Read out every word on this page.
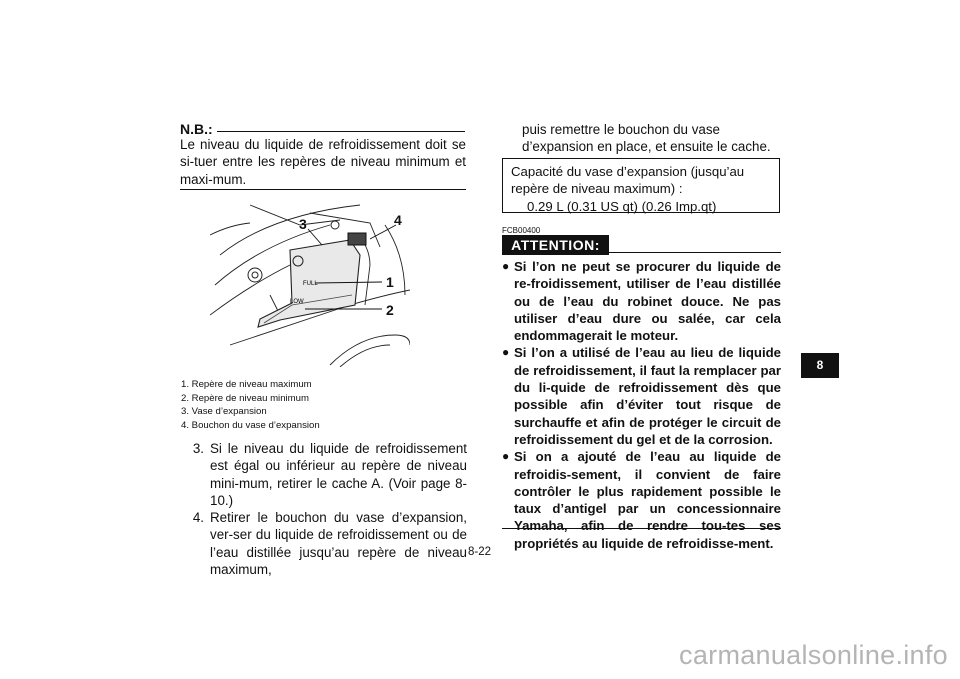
N.B.:
Le niveau du liquide de refroidissement doit se si-tuer entre les repères de niveau minimum et maxi-mum.
FULL
LOW
1
2
3	4
1. Repère de niveau maximum
2. Repère de niveau minimum
3. Vase d’expansion
4. Bouchon du vase d’expansion
3. Si le niveau du liquide de refroidissement est égal ou inférieur au repère de niveau mini-mum, retirer le cache A. (Voir page 8-10.)
4. Retirer le bouchon du vase d’expansion, ver-ser du liquide de refroidissement ou de l’eau distillée jusqu’au repère de niveau maximum,
puis remettre le bouchon du vase d’expansion en place, et ensuite le cache.
Capacité du vase d’expansion (jusqu’au repère de niveau maximum) :
0.29 L (0.31 US qt) (0.26 Imp.qt)
FCB00400
ATTENTION:
● Si l’on ne peut se procurer du liquide de re-froidissement, utiliser de l’eau distillée ou de l’eau du robinet douce. Ne pas utiliser d’eau dure ou salée, car cela endommagerait le moteur.
● Si l’on a utilisé de l’eau au lieu de liquide de refroidissement, il faut la remplacer par du li-quide de refroidissement dès que possible afin d’éviter tout risque de surchauffe et afin de protéger le circuit de refroidissement du gel et de la corrosion.
● Si on a ajouté de l’eau au liquide de refroidis-sement, il convient de faire contrôler le plus rapidement possible le taux d’antigel par un concessionnaire Yamaha, afin de rendre tou-tes ses propriétés au liquide de refroidisse-ment.
8-22
8
carmanualsonline.info
